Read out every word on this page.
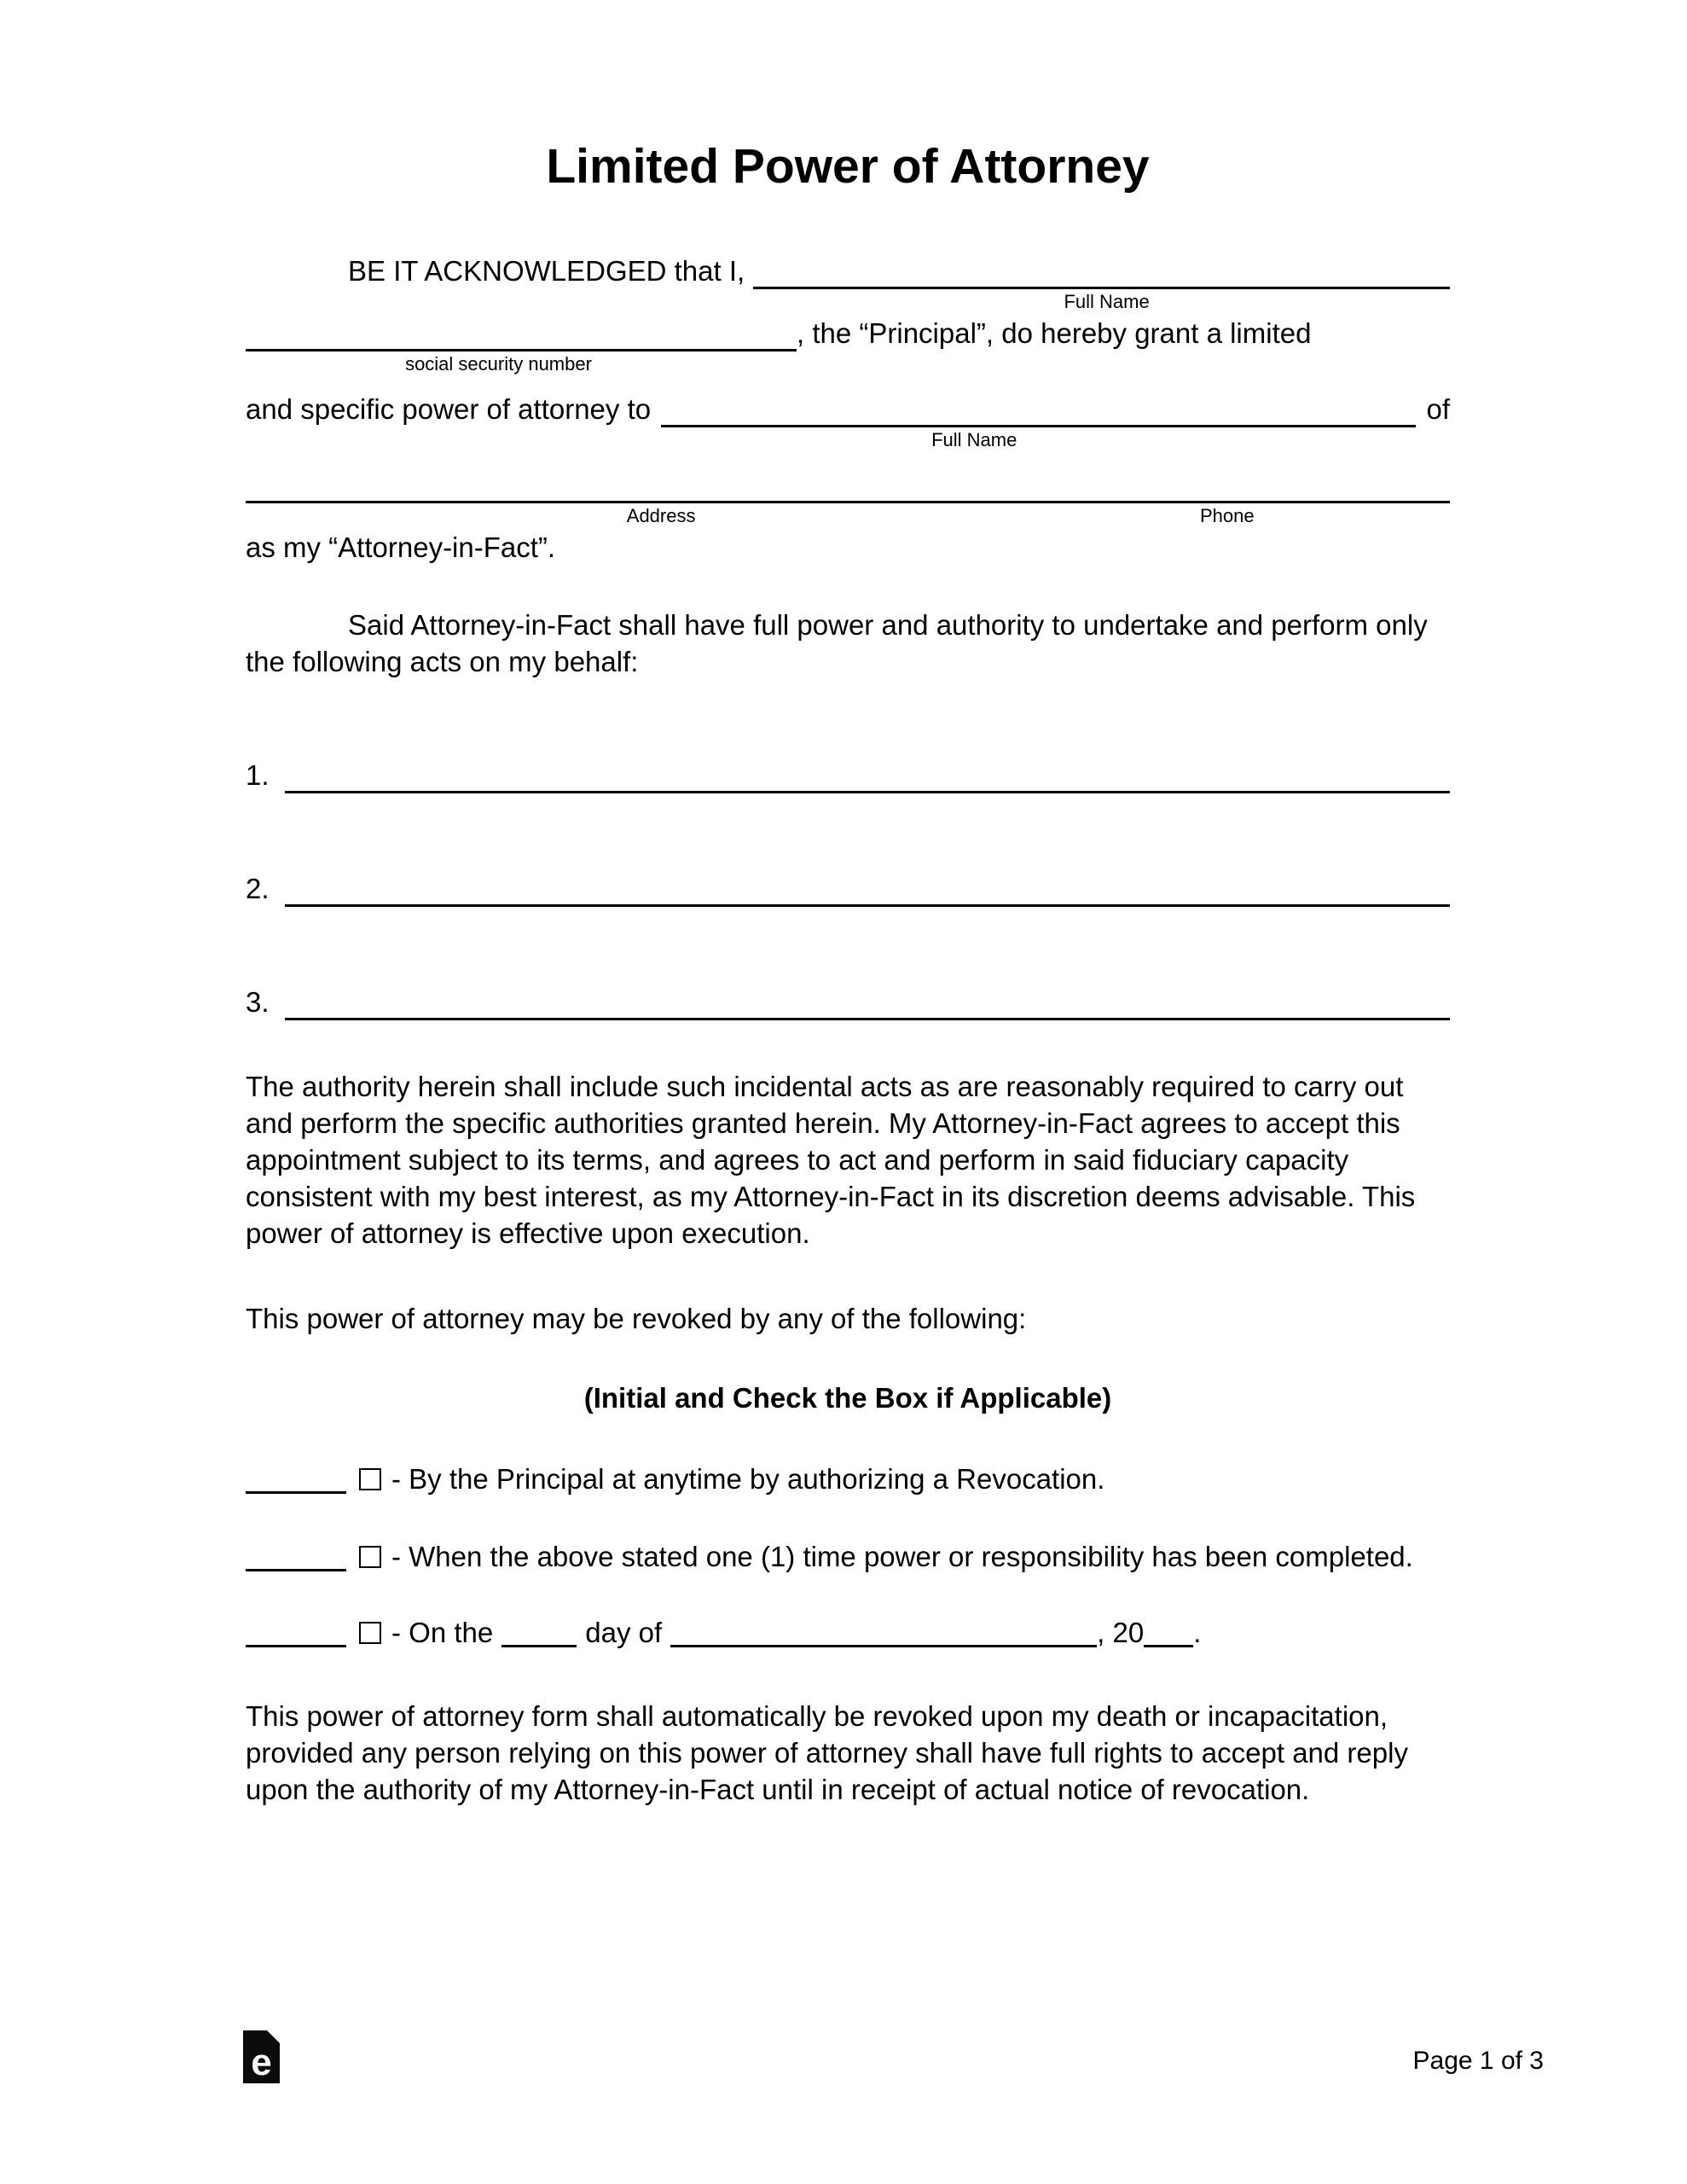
Limited Power of Attorney
BE IT ACKNOWLEDGED that I,
Full Name
, the “Principal”, do hereby grant a limited
social security number
and specific power of attorney to	of
Full Name
Address	Phone
as my “Attorney-in-Fact”.

Said Attorney-in-Fact shall have full power and authority to undertake and perform only the following acts on my behalf:

1.
2.
3.

The authority herein shall include such incidental acts as are reasonably required to carry out and perform the specific authorities granted herein. My Attorney-in-Fact agrees to accept this appointment subject to its terms, and agrees to act and perform in said fiduciary capacity consistent with my best interest, as my Attorney-in-Fact in its discretion deems advisable. This power of attorney is effective upon execution.

This power of attorney may be revoked by any of the following:

(Initial and Check the Box if Applicable)

- By the Principal at anytime by authorizing a Revocation.

- When the above stated one (1) time power or responsibility has been completed.

- On the	day of	, 20 .

This power of attorney form shall automatically be revoked upon my death or incapacitation, provided any person relying on this power of attorney shall have full rights to accept and reply upon the authority of my Attorney-in-Fact until in receipt of actual notice of revocation.

e	Page 1 of 3
